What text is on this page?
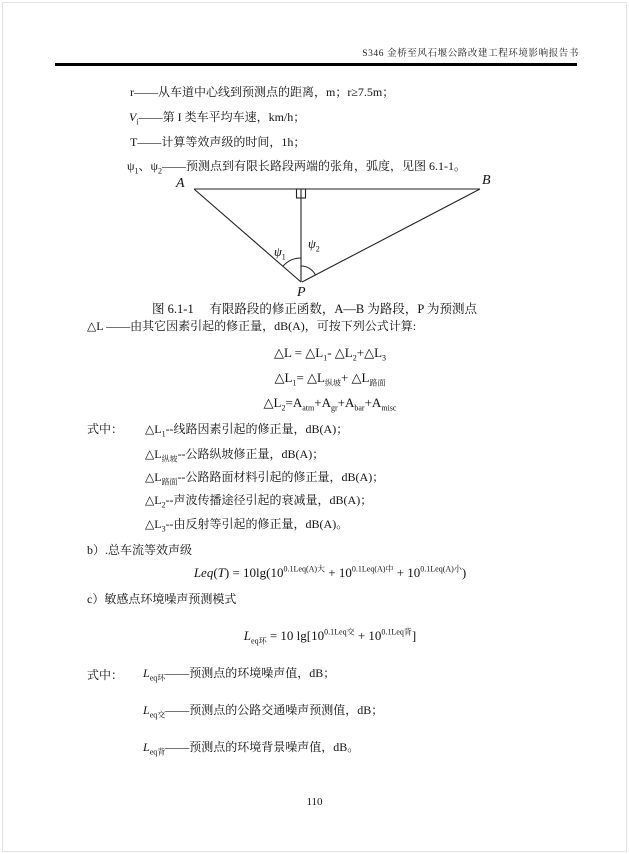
S346 金桥至风石堰公路改建工程环境影响报告书
r——从车道中心线到预测点的距离，m；r≥7.5m；
$V_i——$第 I 类车平均车速，km/h；
T——计算等效声级的时间，1h；
$\psi_1$、$\psi_2——$预测点到有限长路段两端的张角，弧度，见图 6.1-1。
A	B
P
$\psi_1$
$\psi_2$
图 6.1-1　 有限路段的修正函数，A—B 为路段，P 为预测点
△L ——由其它因素引起的修正量，dB(A)，可按下列公式计算:
△L = $\triangle L_1-$ $\triangle L_2+\triangle L_3$
$\triangle L_1=$ $\triangle L_{纵坡}+$ $\triangle L_{路面}$
$\triangle L_2=A_{atm}+A_{gr}+A_{bar}+A_{misc}$
式中： $\triangle L_1--$线路因素引起的修正量，dB(A)；
$\triangle L_{纵坡}--$公路纵坡修正量，dB(A)；
$\triangle L_{路面}--$公路路面材料引起的修正量，dB(A)；
$\triangle L_2--$声波传播途径引起的衰减量，dB(A)；
$\triangle L_3--$由反射等引起的修正量，dB(A)。
b）.总车流等效声级
$Leq(T) = 10\lg(10^{0.1Leq(A)大} + 10^{0.1Leq(A)中} + 10^{0.1Leq(A)小})$
c）敏感点环境噪声预测模式
$L_{eq环} = 10$ $\lg[10^{0.1Leq交} + 10^{0.1Leq背}]$
式中： $L_{eq环}——$预测点的环境噪声值，dB；
$L_{eq交}——$预测点的公路交通噪声预测值，dB；
$L_{eq背}——$预测点的环境背景噪声值，dB。
110
